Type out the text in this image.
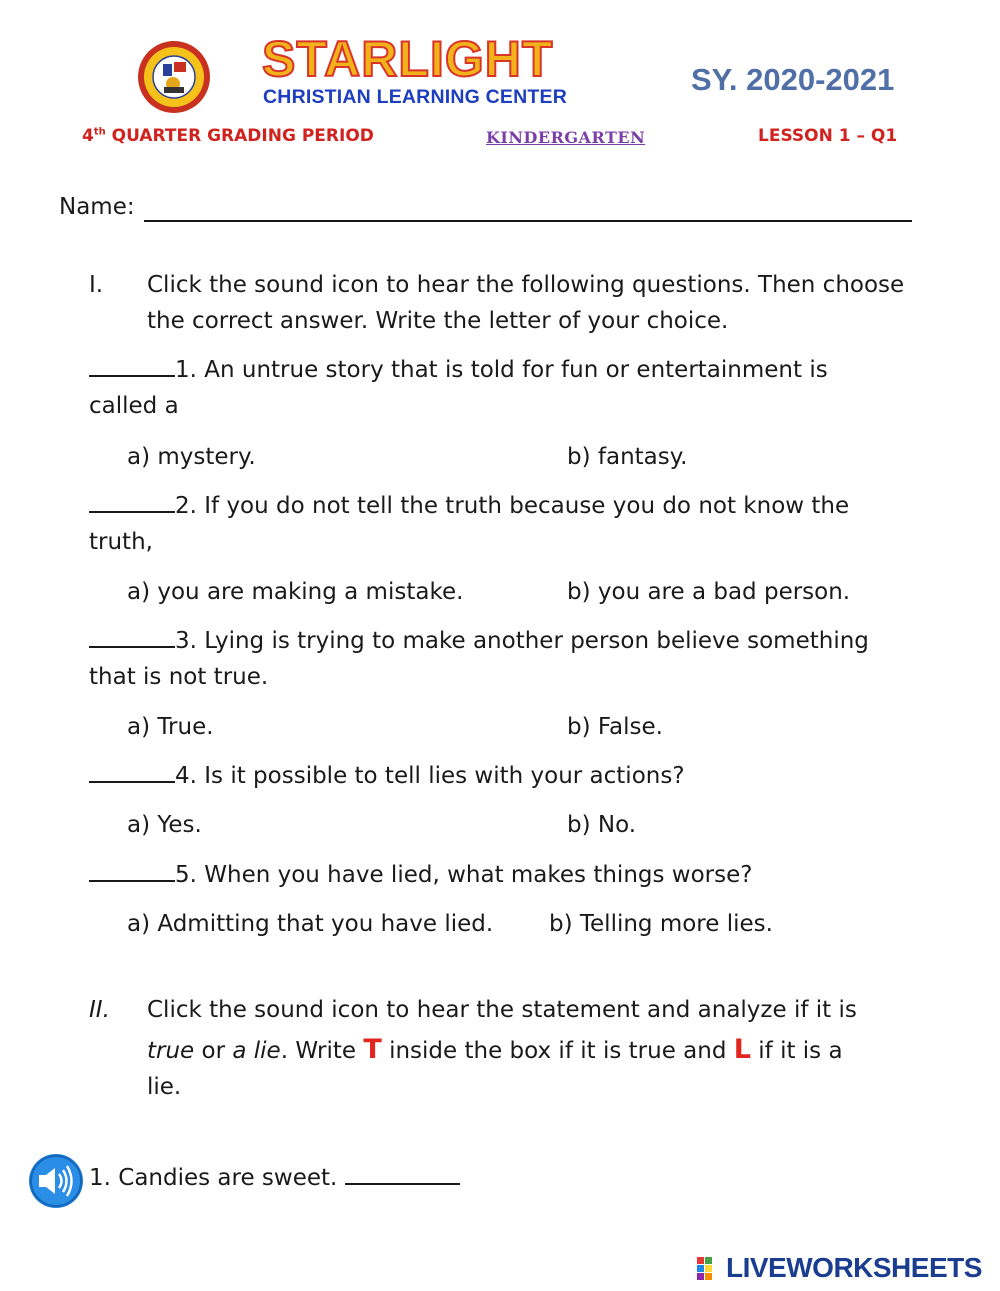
STARLIGHT
CHRISTIAN LEARNING CENTER	SY. 2020-2021
4th QUARTER GRADING PERIOD	KINDERGARTEN	LESSON 1 – Q1
Name:
I. Click the sound icon to hear the following questions. Then choose
the correct answer. Write the letter of your choice.
1. An untrue story that is told for fun or entertainment is
called a
a) mystery.	b) fantasy.
2. If you do not tell the truth because you do not know the
truth,
a) you are making a mistake.	b) you are a bad person.
3. Lying is trying to make another person believe something
that is not true.
a) True.	b) False.
4. Is it possible to tell lies with your actions?
a) Yes.	b) No.
5. When you have lied, what makes things worse?
a) Admitting that you have lied. b) Telling more lies.
II. Click the sound icon to hear the statement and analyze if it is
true or a lie. Write T inside the box if it is true and L if it is a
lie.
1. Candies are sweet.
LIVEWORKSHEETS
